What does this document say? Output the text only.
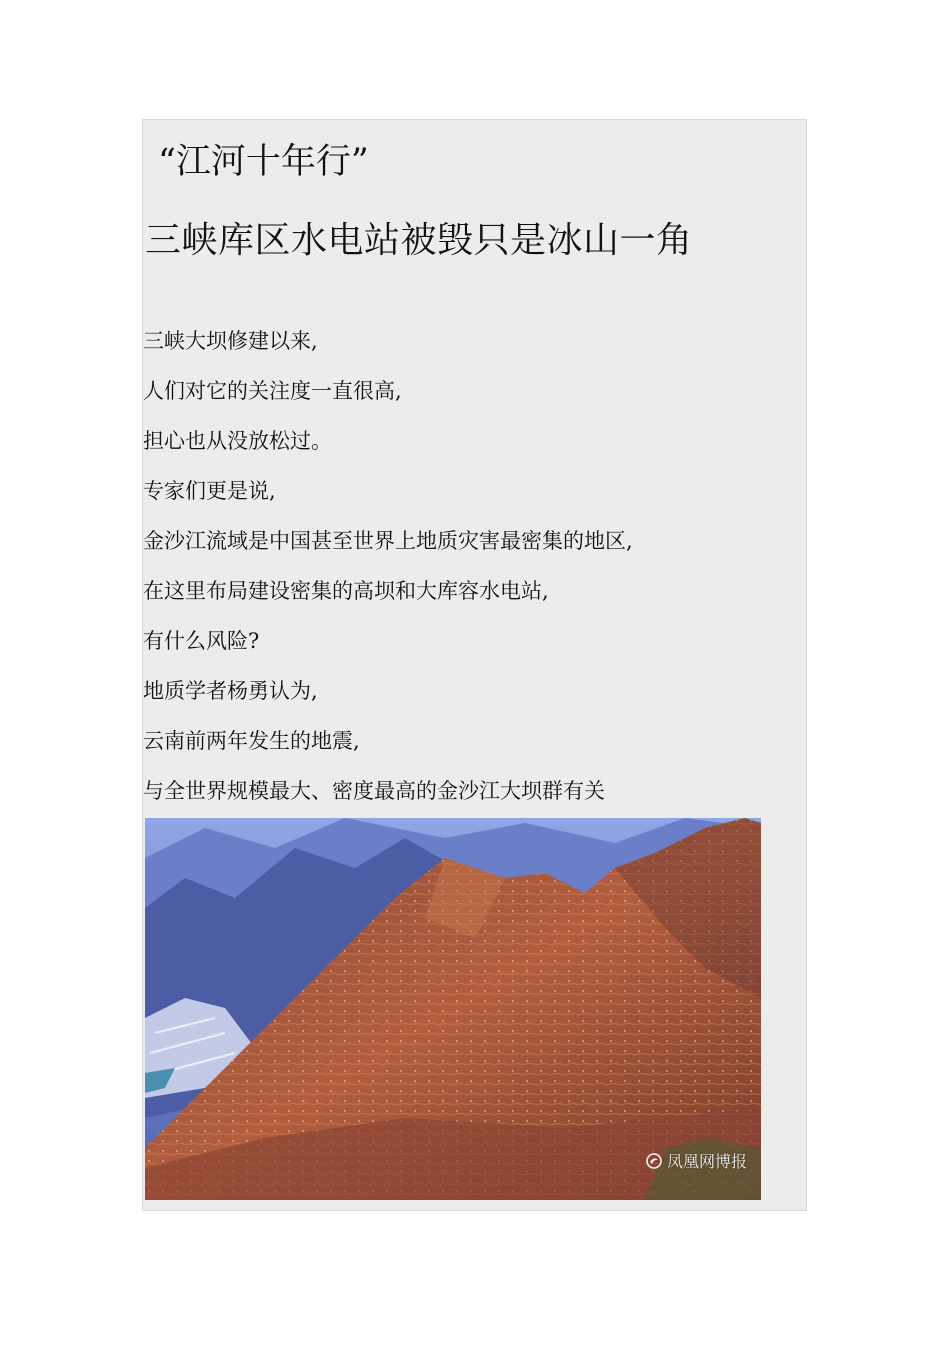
“江河十年行”
三峡库区水电站被毁只是冰山一角
三峡大坝修建以来,
人们对它的关注度一直很高,
担心也从没放松过。
专家们更是说,
金沙江流域是中国甚至世界上地质灾害最密集的地区,
在这里布局建设密集的高坝和大库容水电站,
有什么风险?
地质学者杨勇认为,
云南前两年发生的地震,
与全世界规模最大、密度最高的金沙江大坝群有关
凤凰网博报
